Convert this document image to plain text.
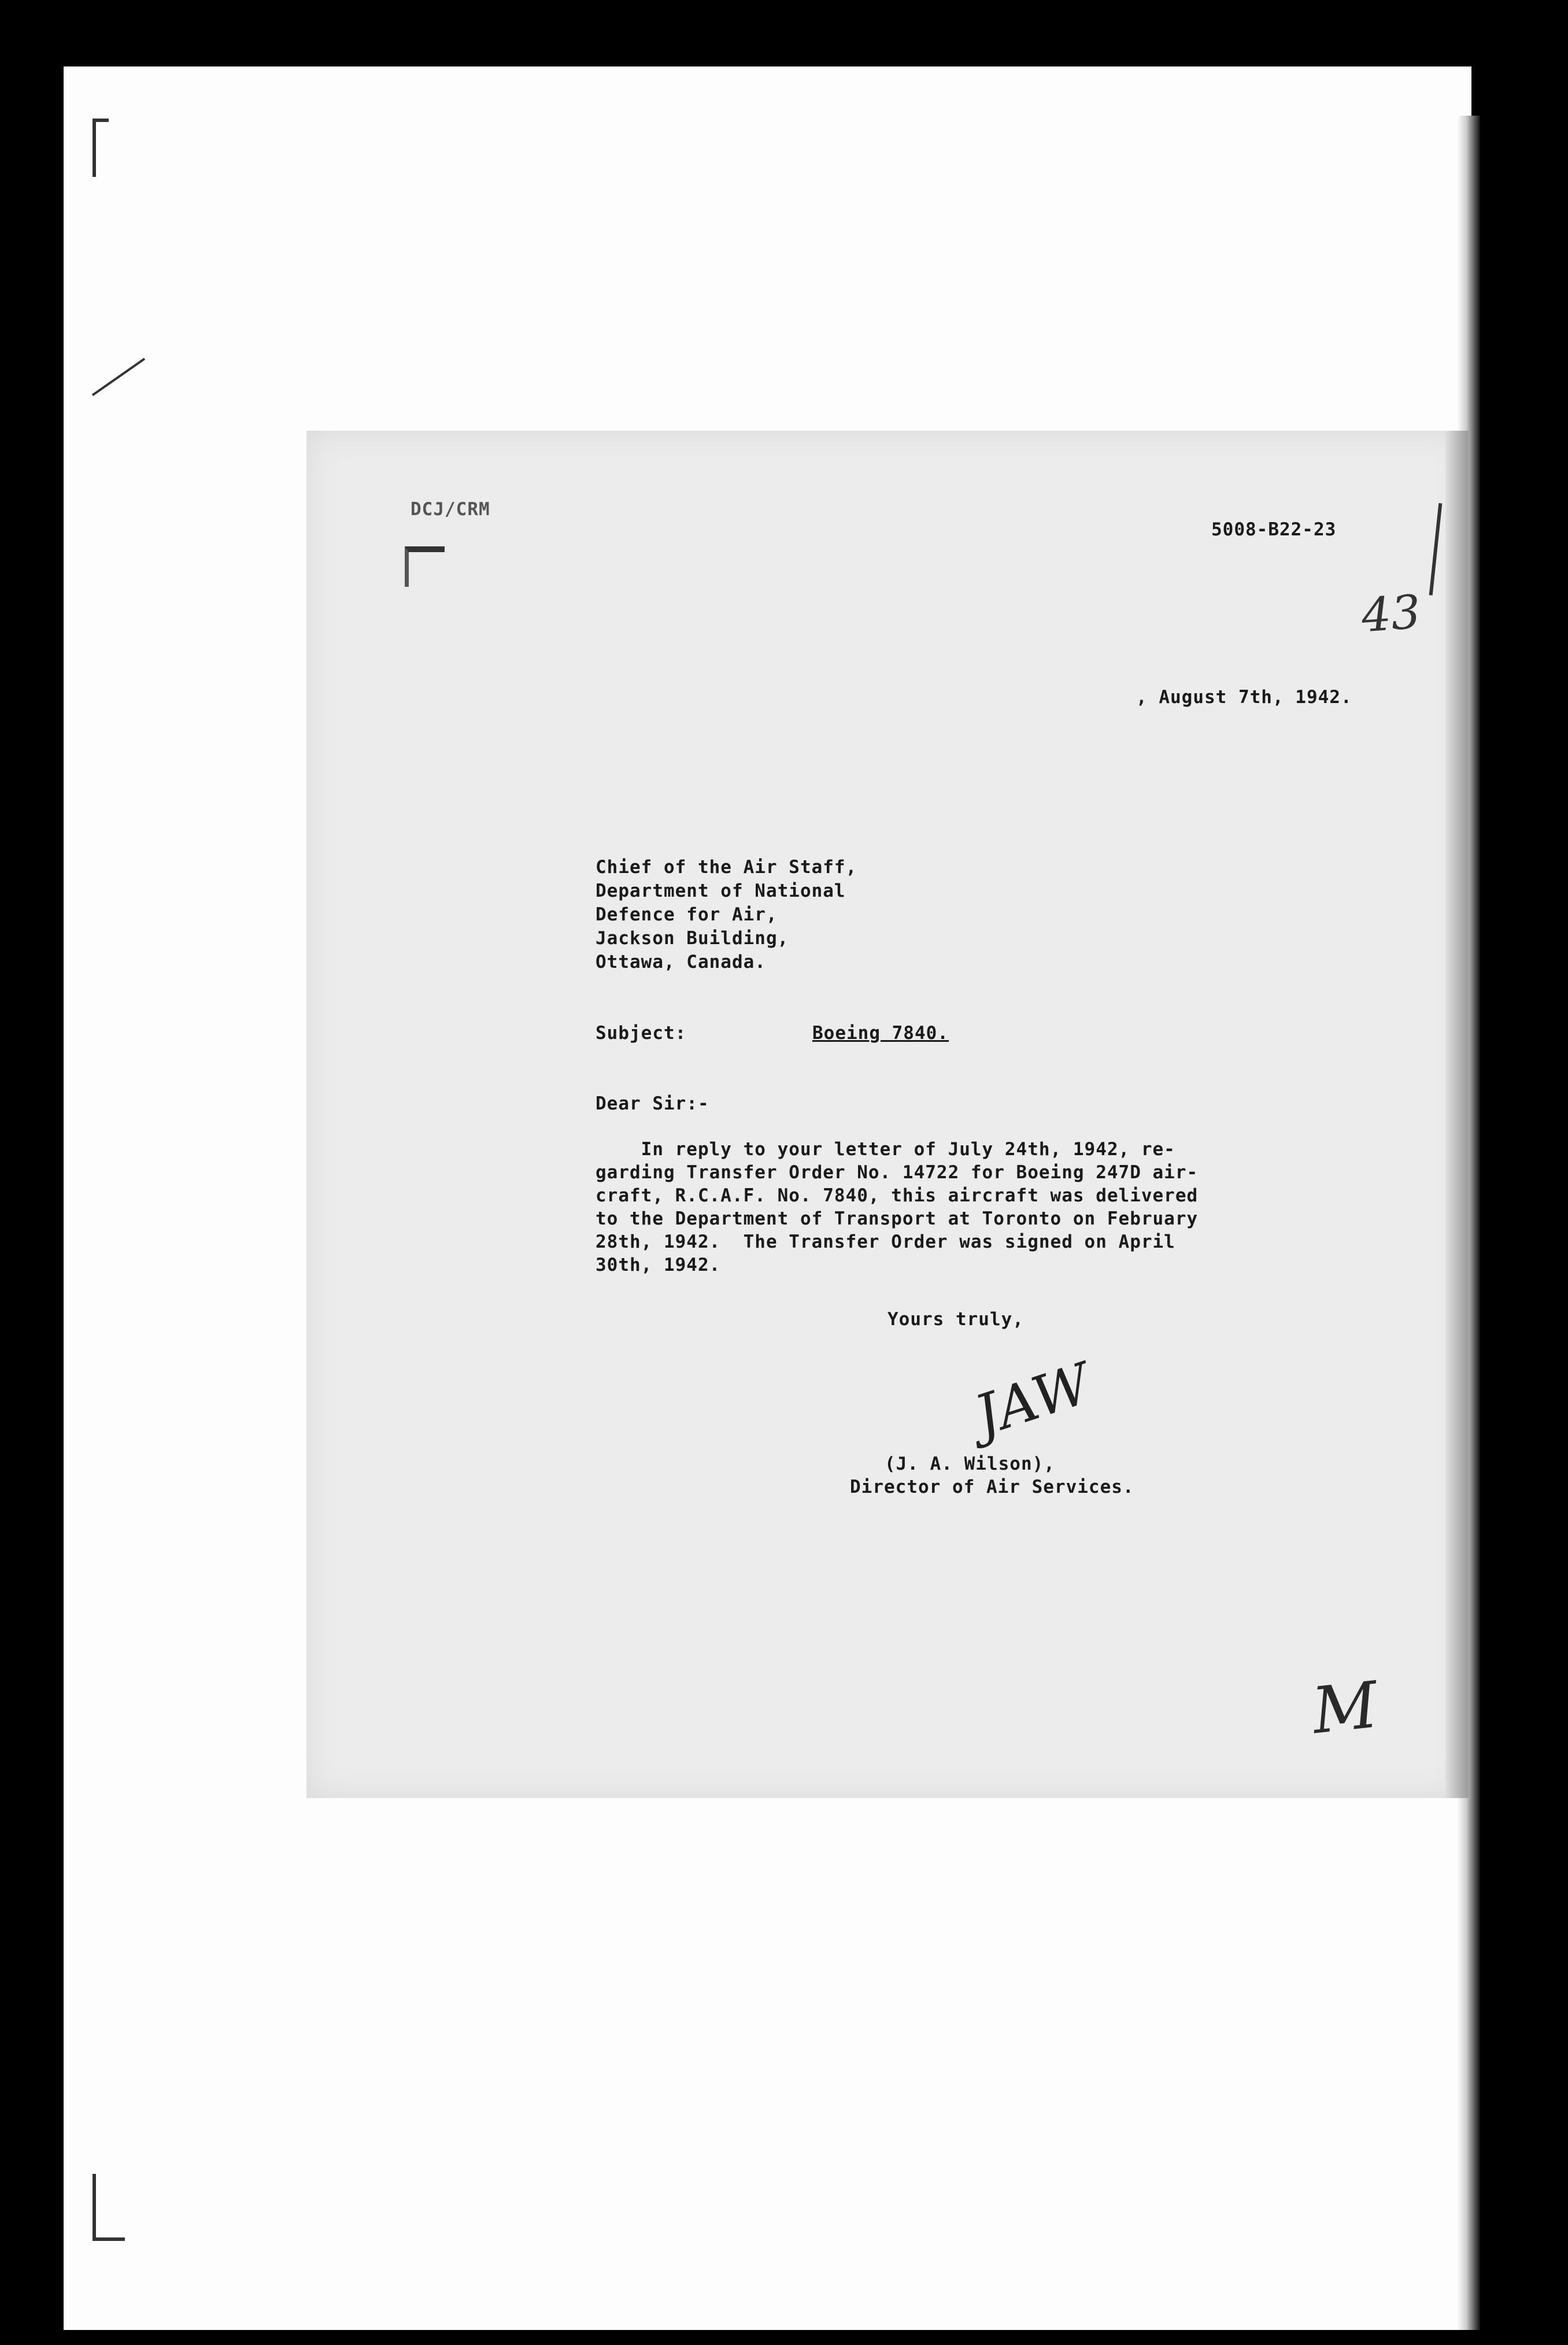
DCJ/CRM
5008-B22-23
43
, August 7th, 1942.
Chief of the Air Staff,
Department of National
Defence for Air,
Jackson Building,
Ottawa, Canada.
Subject:	Boeing 7840.
Dear Sir:-
In reply to your letter of July 24th, 1942, re-
garding Transfer Order No. 14722 for Boeing 247D air-
craft, R.C.A.F. No. 7840, this aircraft was delivered
to the Department of Transport at Toronto on February
28th, 1942.  The Transfer Order was signed on April
30th, 1942.
Yours truly,
JAW
(J. A. Wilson),
Director of Air Services.
M
